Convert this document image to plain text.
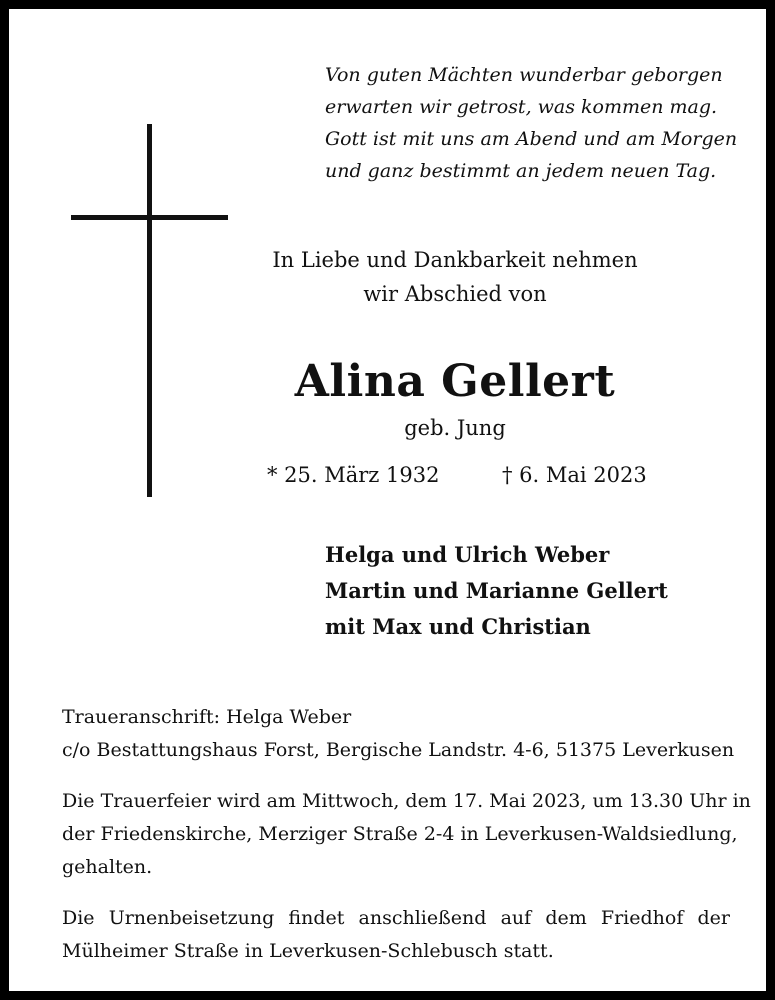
Von guten Mächten wunderbar geborgen
erwarten wir getrost, was kommen mag.
Gott ist mit uns am Abend und am Morgen
und ganz bestimmt an jedem neuen Tag.
In Liebe und Dankbarkeit nehmen
wir Abschied von
Alina Gellert
geb. Jung
* 25. März 1932	† 6. Mai 2023
Helga und Ulrich Weber
Martin und Marianne Gellert
mit Max und Christian
Traueranschrift: Helga Weber
c/o Bestattungshaus Forst, Bergische Landstr. 4-6, 51375 Leverkusen
Die Trauerfeier wird am Mittwoch, dem 17. Mai 2023, um 13.30 Uhr in
der Friedenskirche, Merziger Straße 2-4 in Leverkusen-Waldsiedlung,
gehalten.
Die Urnenbeisetzung findet anschließend auf dem Friedhof der
Mülheimer Straße in Leverkusen-Schlebusch statt.
